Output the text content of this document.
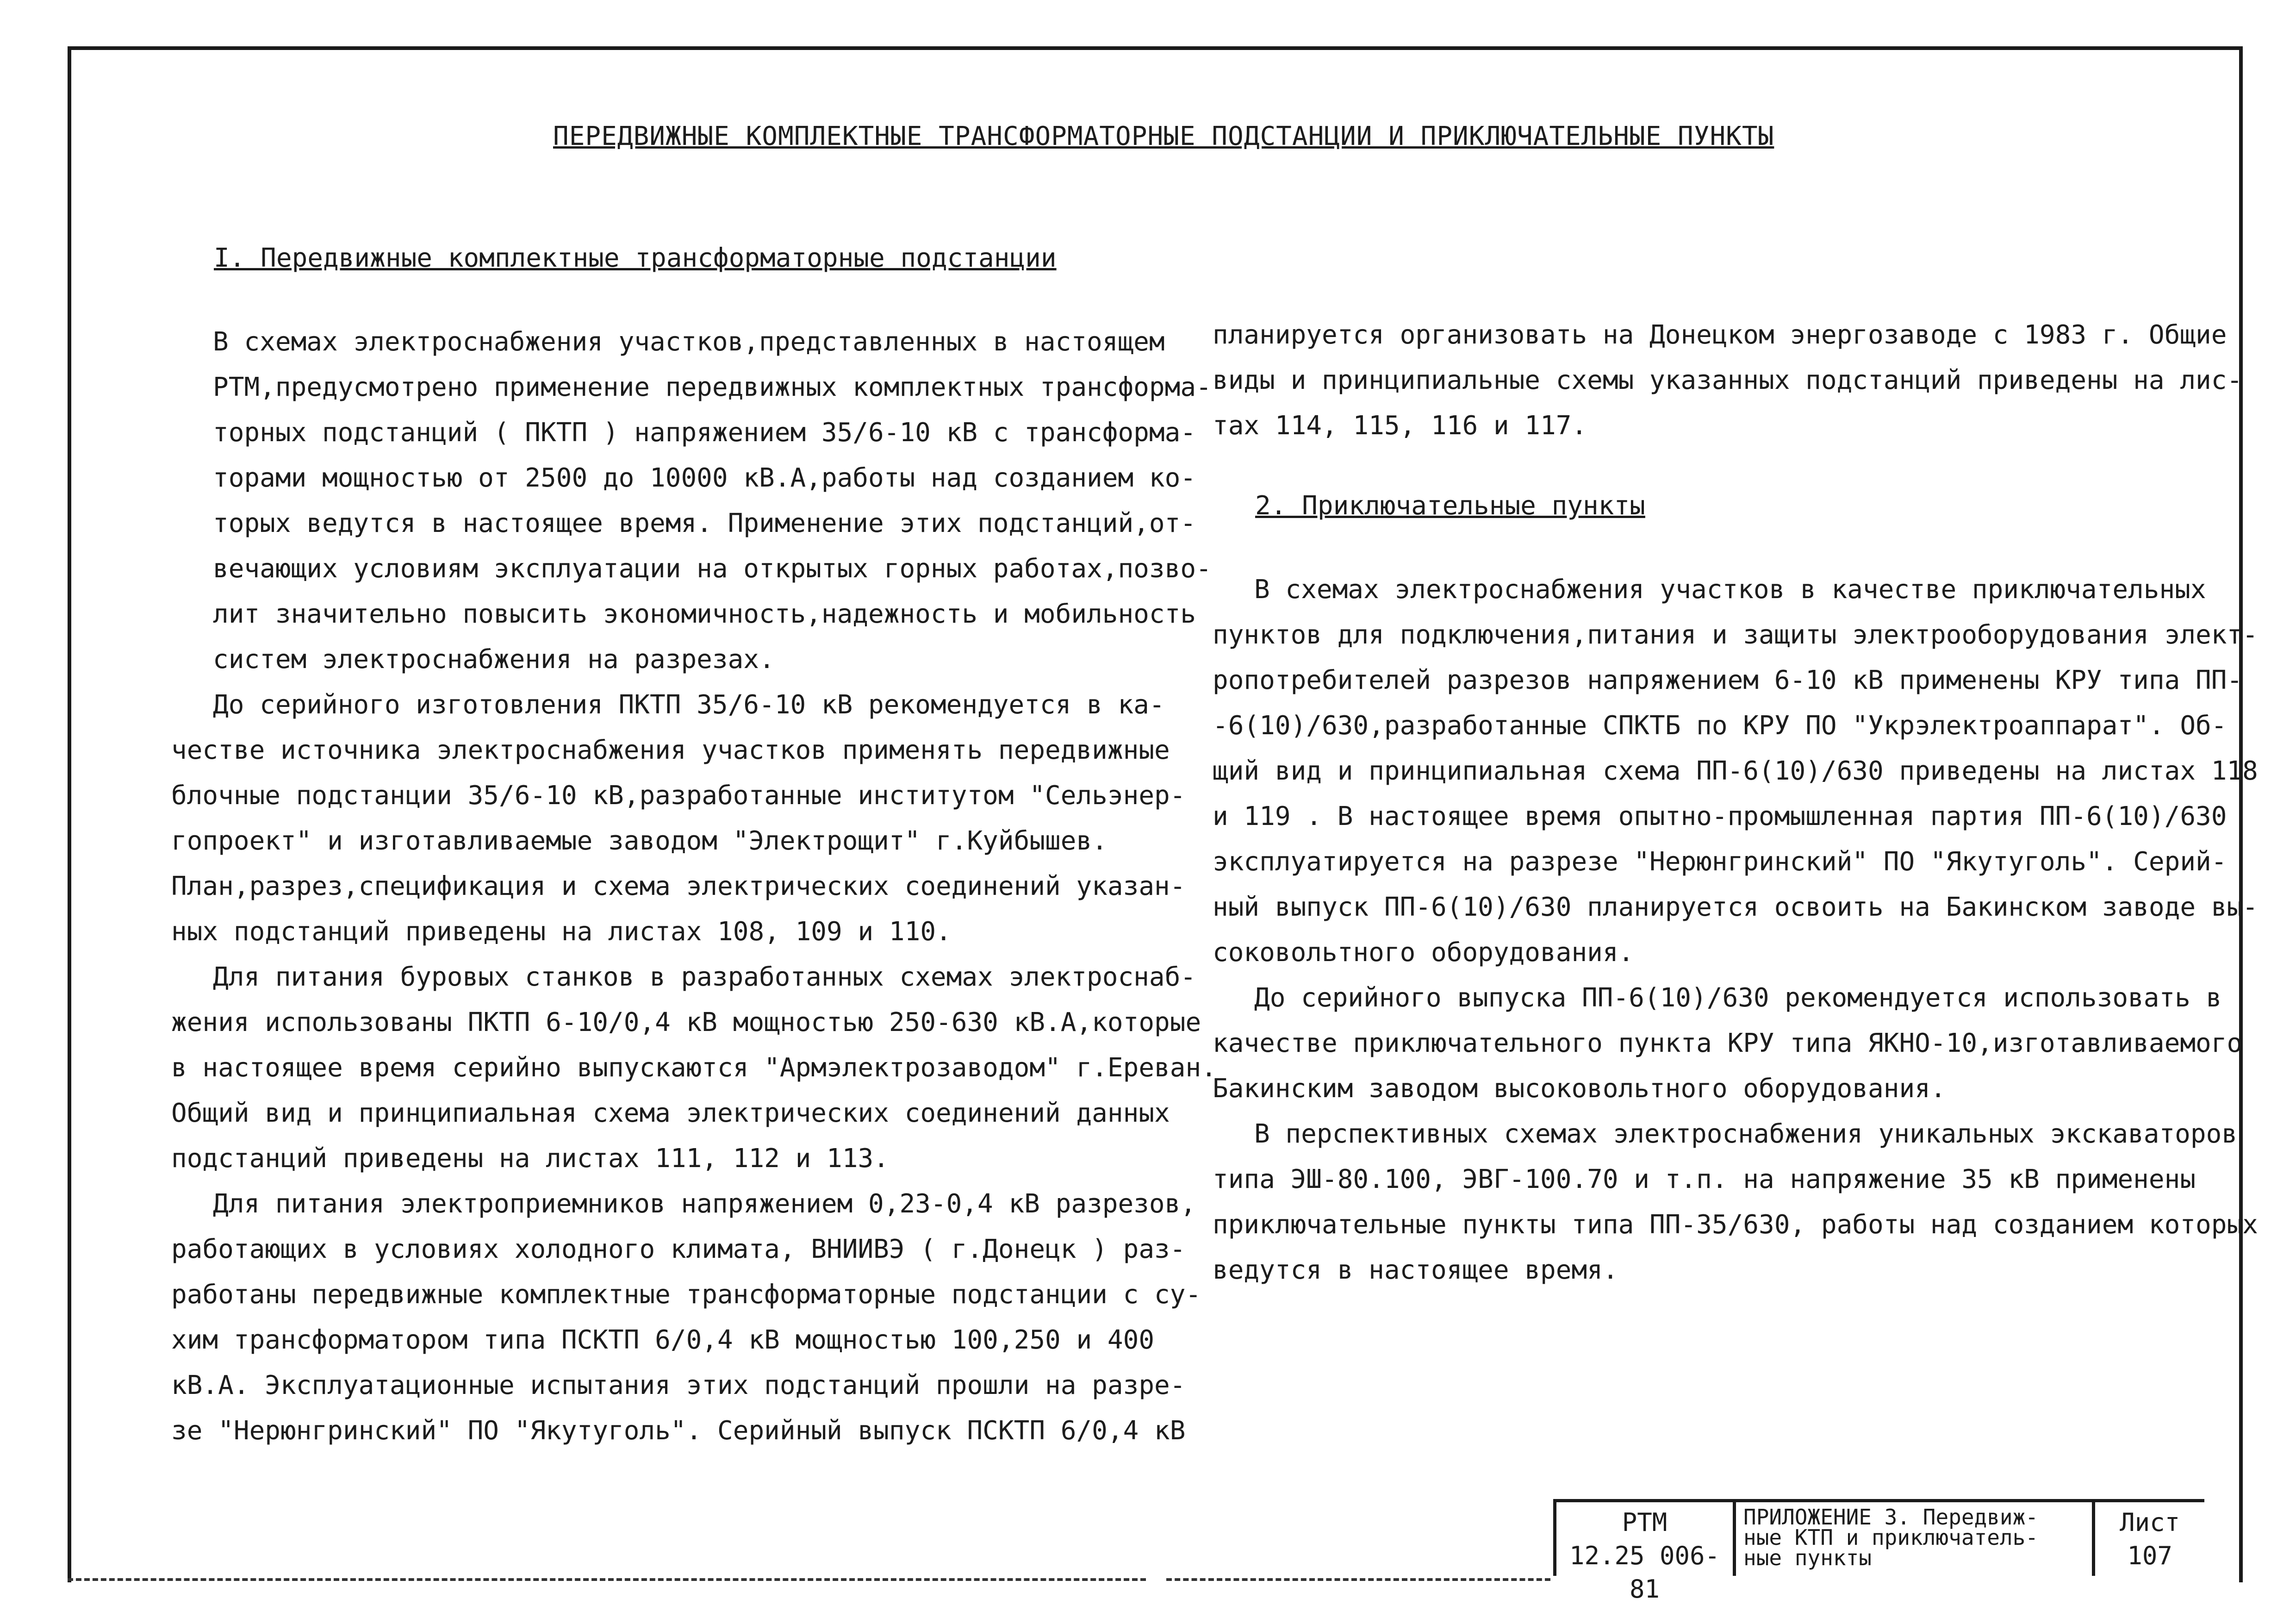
ПЕРЕДВИЖНЫЕ КОМПЛЕКТНЫЕ ТРАНСФОРМАТОРНЫЕ ПОДСТАНЦИИ И ПРИКЛЮЧАТЕЛЬНЫЕ ПУНКТЫ
I. Передвижные комплектные трансформаторные подстанции

В схемах электроснабжения участков,представленных в настоящем
РТМ,предусмотрено применение передвижных комплектных трансформа-
торных подстанций ( ПКТП ) напряжением 35/6-10 кВ с трансформа-
торами мощностью от 2500 до 10000 кВ.А,работы над созданием ко-
торых ведутся в настоящее время. Применение этих подстанций,от-
вечающих условиям эксплуатации на открытых горных работах,позво-
лит значительно повысить экономичность,надежность и мобильность
систем электроснабжения на разрезах.

До серийного изготовления ПКТП 35/6-10 кВ рекомендуется в ка-
честве источника электроснабжения участков применять передвижные
блочные подстанции 35/6-10 кВ,разработанные институтом "Сельэнер-
гопроект" и изготавливаемые заводом "Электрощит" г.Куйбышев.
План,разрез,спецификация и схема электрических соединений указан-
ных подстанций приведены на листах 108, 109 и 110.

Для питания буровых станков в разработанных схемах электроснаб-
жения использованы ПКТП 6-10/0,4 кВ мощностью 250-630 кВ.А,которые
в настоящее время серийно выпускаются "Армэлектрозаводом" г.Ереван.
Общий вид и принципиальная схема электрических соединений данных
подстанций приведены на листах 111, 112 и 113.

Для питания электроприемников напряжением 0,23-0,4 кВ разрезов,
работающих в условиях холодного климата, ВНИИВЭ ( г.Донецк ) раз-
работаны передвижные комплектные трансформаторные подстанции с су-
хим трансформатором типа ПСКТП 6/0,4 кВ мощностью 100,250 и 400
кВ.А. Эксплуатационные испытания этих подстанций прошли на разре-
зе "Нерюнгринский" ПО "Якутуголь". Серийный выпуск ПСКТП 6/0,4 кВ

планируется организовать на Донецком энергозаводе с 1983 г. Общие
виды и принципиальные схемы указанных подстанций приведены на лис-
тах 114, 115, 116 и 117.

2. Приключательные пункты

В схемах электроснабжения участков в качестве приключательных
пунктов для подключения,питания и защиты электрооборудования элект-
ропотребителей разрезов напряжением 6-10 кВ применены КРУ типа ПП-
-6(10)/630,разработанные СПКТБ по КРУ ПО "Укрэлектроаппарат". Об-
щий вид и принципиальная схема ПП-6(10)/630 приведены на листах 118
и 119 . В настоящее время опытно-промышленная партия ПП-6(10)/630
эксплуатируется на разрезе "Нерюнгринский" ПО "Якутуголь". Серий-
ный выпуск ПП-6(10)/630 планируется освоить на Бакинском заводе вы-
соковольтного оборудования.

До серийного выпуска ПП-6(10)/630 рекомендуется использовать в
качестве приключательного пункта КРУ типа ЯКНО-10,изготавливаемого
Бакинским заводом высоковольтного оборудования.

В перспективных схемах электроснабжения уникальных экскаваторов
типа ЭШ-80.100, ЭВГ-100.70 и т.п. на напряжение 35 кВ применены
приключательные пункты типа ПП-35/630, работы над созданием которых
ведутся в настоящее время.

РТМ
12.25 006-81
ПРИЛОЖЕНИЕ 3. Передвиж-
ные КТП и приключатель-
ные пункты
Лист
107
